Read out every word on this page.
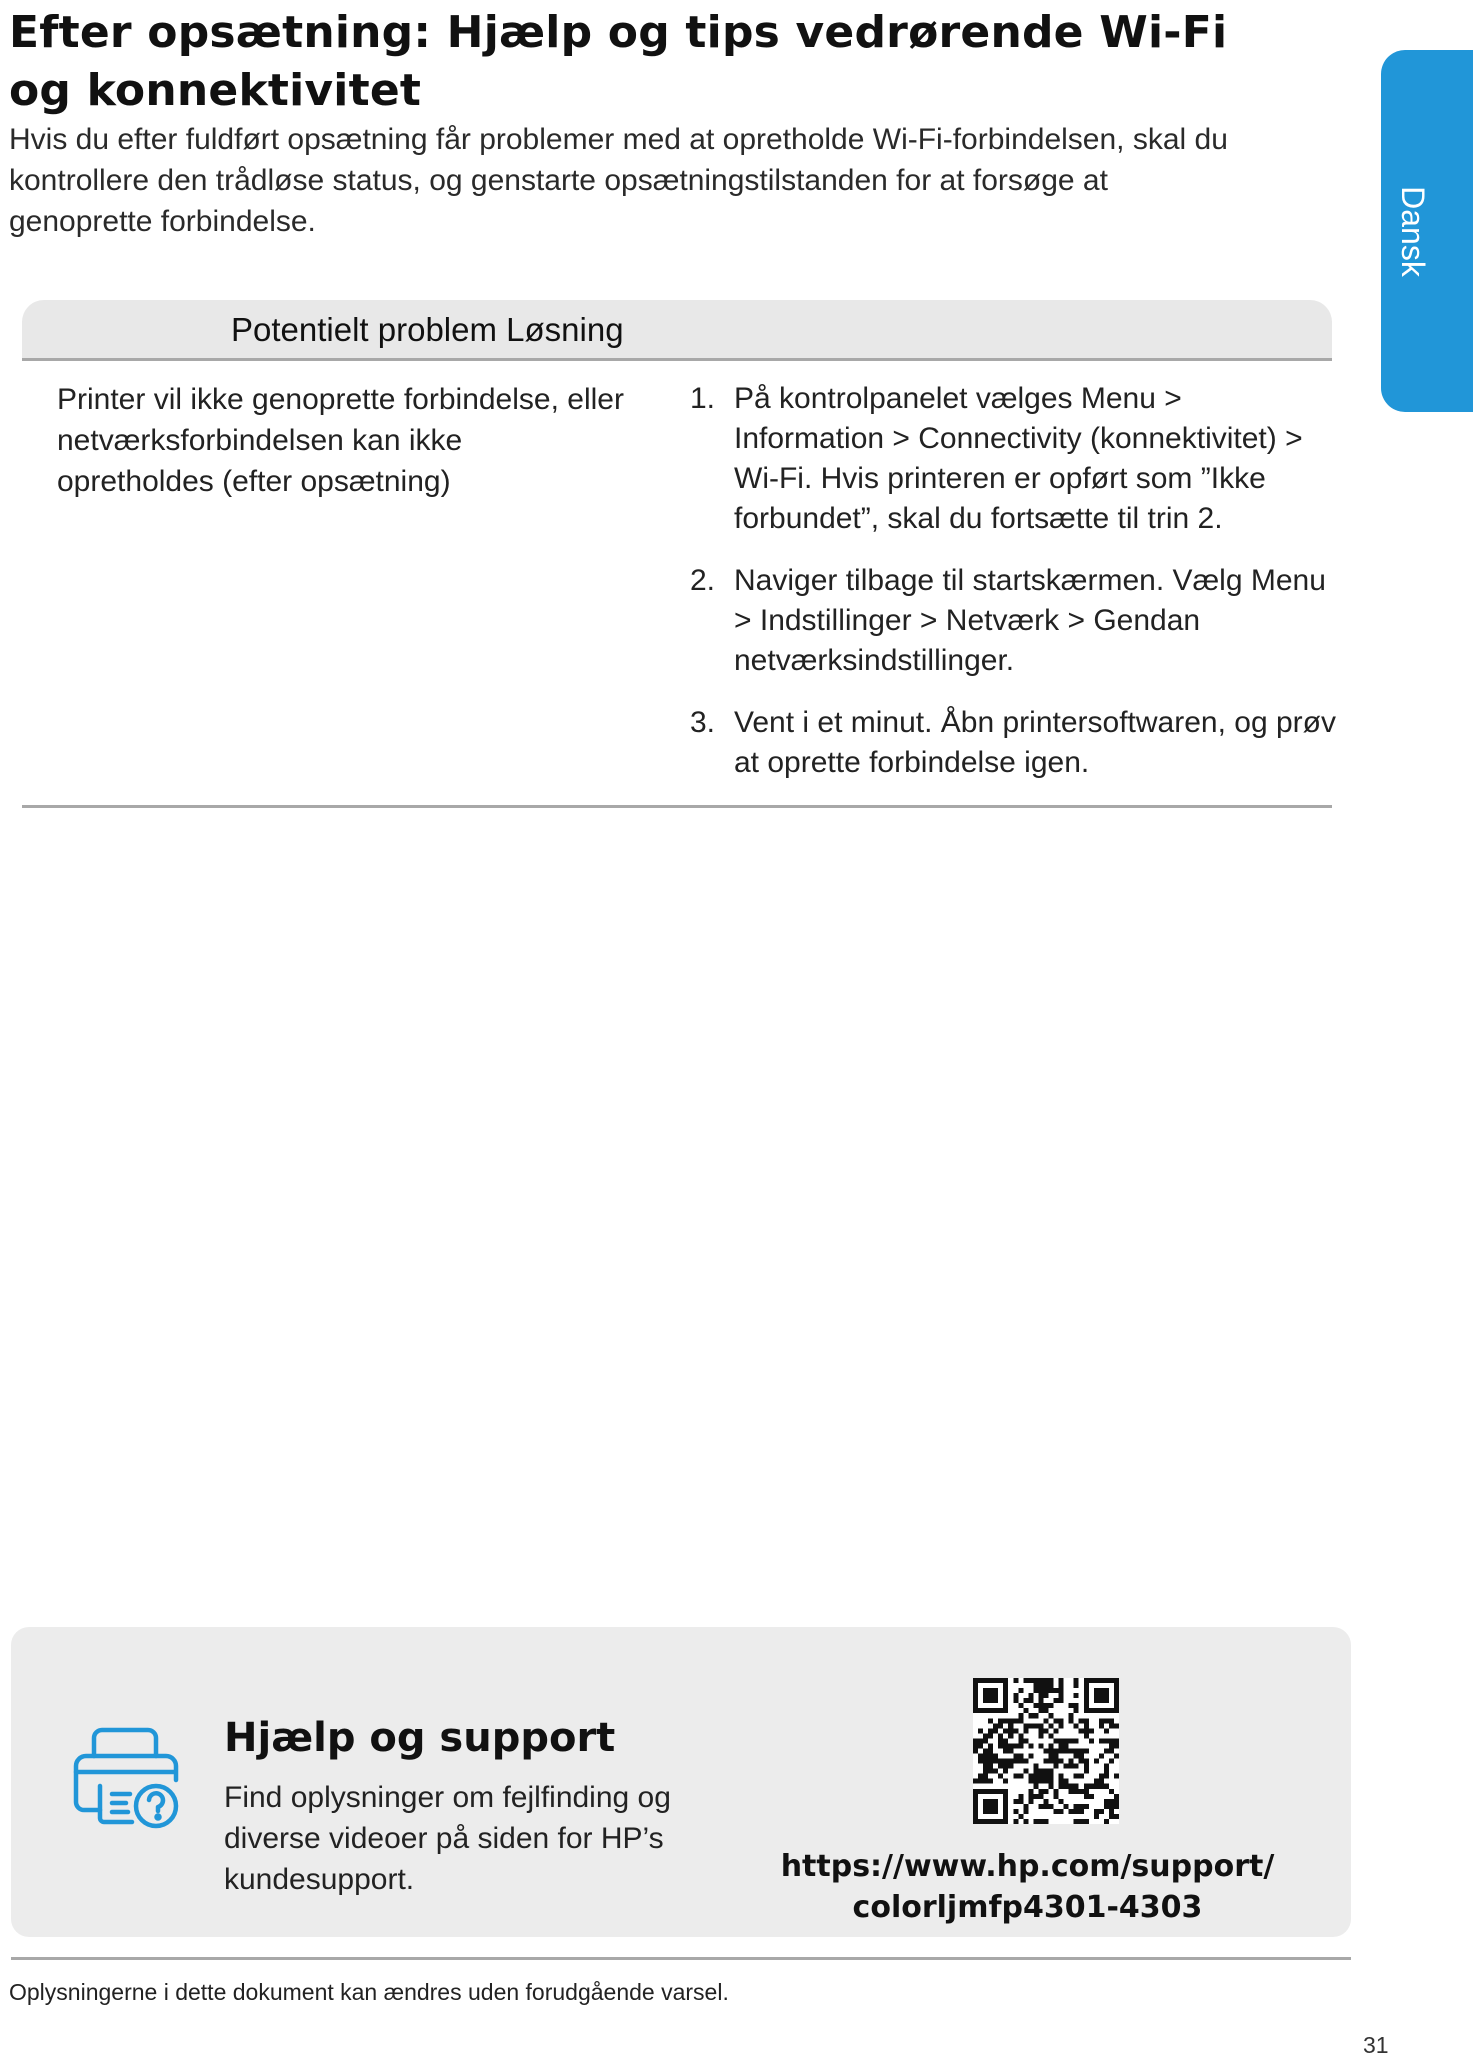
Efter opsætning: Hjælp og tips vedrørende Wi-Fi og konnektivitet

Hvis du efter fuldført opsætning får problemer med at opretholde Wi-Fi-forbindelsen, skal du kontrollere den trådløse status, og genstarte opsætningstilstanden for at forsøge at genoprette forbindelse.	Dansk
Potentielt problem Løsning

Printer vil ikke genoprette forbindelse, eller netværksforbindelsen kan ikke opretholdes (efter opsætning)

1. På kontrolpanelet vælges Menu > Information > Connectivity (konnektivitet) > Wi-Fi. Hvis printeren er opført som ”Ikke forbundet”, skal du fortsætte til trin 2.
2. Naviger tilbage til startskærmen. Vælg Menu > Indstillinger > Netværk > Gendan netværksindstillinger.
3. Vent i et minut. Åbn printersoftwaren, og prøv at oprette forbindelse igen.
Hjælp og support

Find oplysninger om fejlfinding og diverse videoer på siden for HP’s kundesupport.	https://www.hp.com/support/
colorljmfp4301-4303

Oplysningerne i dette dokument kan ændres uden forudgående varsel.

31
